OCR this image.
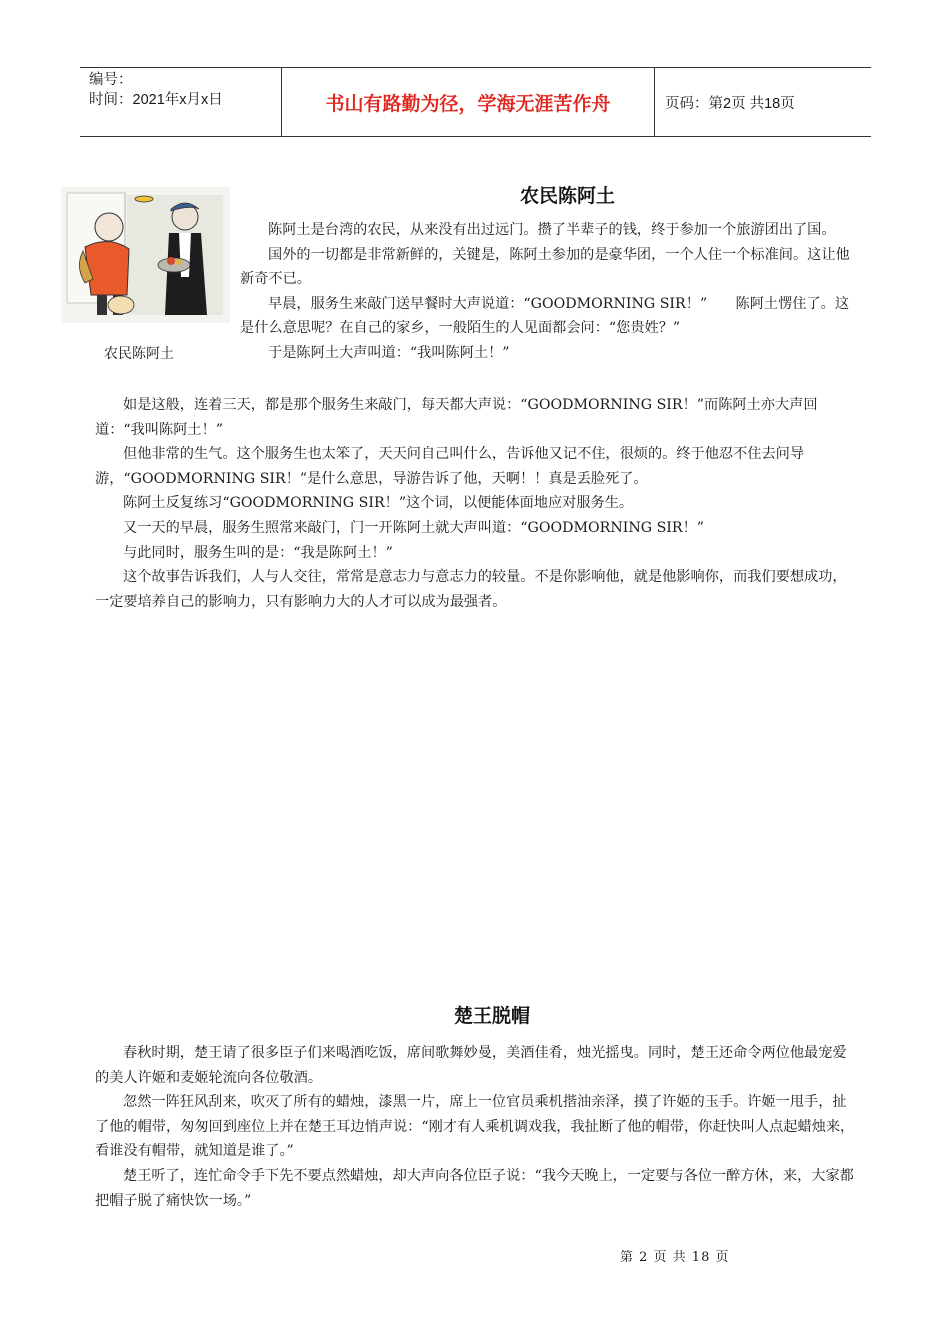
编号：
时间：2021年x月x日	书山有路勤为径，学海无涯苦作舟	页码：第2页 共18页
农民陈阿土
农民陈阿土

陈阿土是台湾的农民，从来没有出过远门。攒了半辈子的钱，终于参加一个旅游团出了国。

国外的一切都是非常新鲜的，关键是，陈阿土参加的是豪华团，一个人住一个标准间。这让他新奇不已。

早晨，服务生来敲门送早餐时大声说道：“GOODMORNING SIR！”　　陈阿土愣住了。这是什么意思呢？在自己的家乡，一般陌生的人见面都会问：“您贵姓？”

于是陈阿土大声叫道：“我叫陈阿土！”

如是这般，连着三天，都是那个服务生来敲门，每天都大声说：“GOODMORNING SIR！”而陈阿土亦大声回道：“我叫陈阿土！”

但他非常的生气。这个服务生也太笨了，天天问自己叫什么，告诉他又记不住，很烦的。终于他忍不住去问导游，“GOODMORNING SIR！”是什么意思，导游告诉了他，天啊！！真是丢脸死了。

陈阿土反复练习“GOODMORNING SIR！”这个词，以便能体面地应对服务生。

又一天的早晨，服务生照常来敲门，门一开陈阿土就大声叫道：“GOODMORNING SIR！”

与此同时，服务生叫的是：“我是陈阿土！”

这个故事告诉我们，人与人交往，常常是意志力与意志力的较量。不是你影响他，就是他影响你，而我们要想成功，一定要培养自己的影响力，只有影响力大的人才可以成为最强者。

楚王脱帽

春秋时期，楚王请了很多臣子们来喝酒吃饭，席间歌舞妙曼，美酒佳肴，烛光摇曳。同时，楚王还命令两位他最宠爱的美人许姬和麦姬轮流向各位敬酒。

忽然一阵狂风刮来，吹灭了所有的蜡烛，漆黑一片，席上一位官员乘机揩油亲泽，摸了许姬的玉手。许姬一甩手，扯了他的帽带，匆匆回到座位上并在楚王耳边悄声说：“刚才有人乘机调戏我，我扯断了他的帽带，你赶快叫人点起蜡烛来，看谁没有帽带，就知道是谁了。”

楚王听了，连忙命令手下先不要点然蜡烛，却大声向各位臣子说：“我今天晚上，一定要与各位一醉方休，来，大家都把帽子脱了痛快饮一场。”

第 2 页 共 18 页
